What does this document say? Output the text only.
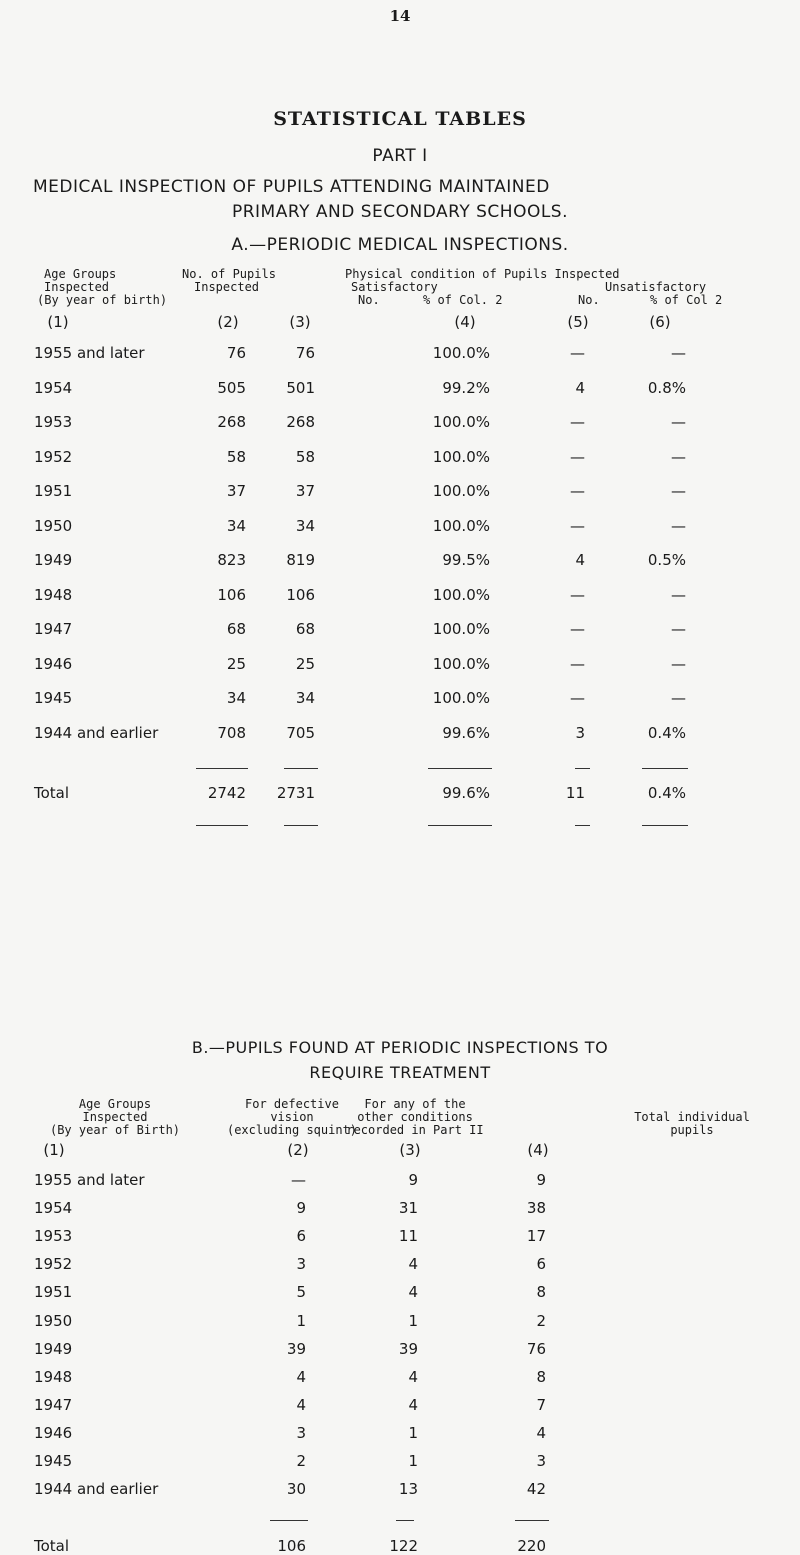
14
STATISTICAL TABLES
PART I
MEDICAL INSPECTION OF PUPILS ATTENDING MAINTAINED
PRIMARY AND SECONDARY SCHOOLS.
A.—PERIODIC MEDICAL INSPECTIONS.
Age Groups
Inspected
(By year of birth)
No. of Pupils
Inspected
Physical condition of Pupils Inspected
Satisfactory	Unsatisfactory
No.	% of Col. 2	No.	% of Col 2
(1)	(2)	(3)	(4)	(5)	(6)
1955 and later	76	76	100.0%	—	—
1954	505	501	99.2%	4	0.8%
1953	268	268	100.0%	—	—
1952	58	58	100.0%	—	—
1951	37	37	100.0%	—	—
1950	34	34	100.0%	—	—
1949	823	819	99.5%	4	0.5%
1948	106	106	100.0%	—	—
1947	68	68	100.0%	—	—
1946	25	25	100.0%	—	—
1945	34	34	100.0%	—	—
1944 and earlier	708	705	99.6%	3	0.4%
Total	2742	2731	99.6%	11	0.4%
B.—PUPILS FOUND AT PERIODIC INSPECTIONS TO
REQUIRE TREATMENT
Age Groups
Inspected
(By year of Birth)
For defective
vision
(excluding squint)
For any of the
other conditions
recorded in Part II
Total individual
pupils
(1)	(2)	(3)	(4)
1955 and later	—	9	9
1954	9	31	38
1953	6	11	17
1952	3	4	6
1951	5	4	8
1950	1	1	2
1949	39	39	76
1948	4	4	8
1947	4	4	7
1946	3	1	4
1945	2	1	3
1944 and earlier	30	13	42
Total	106	122	220
